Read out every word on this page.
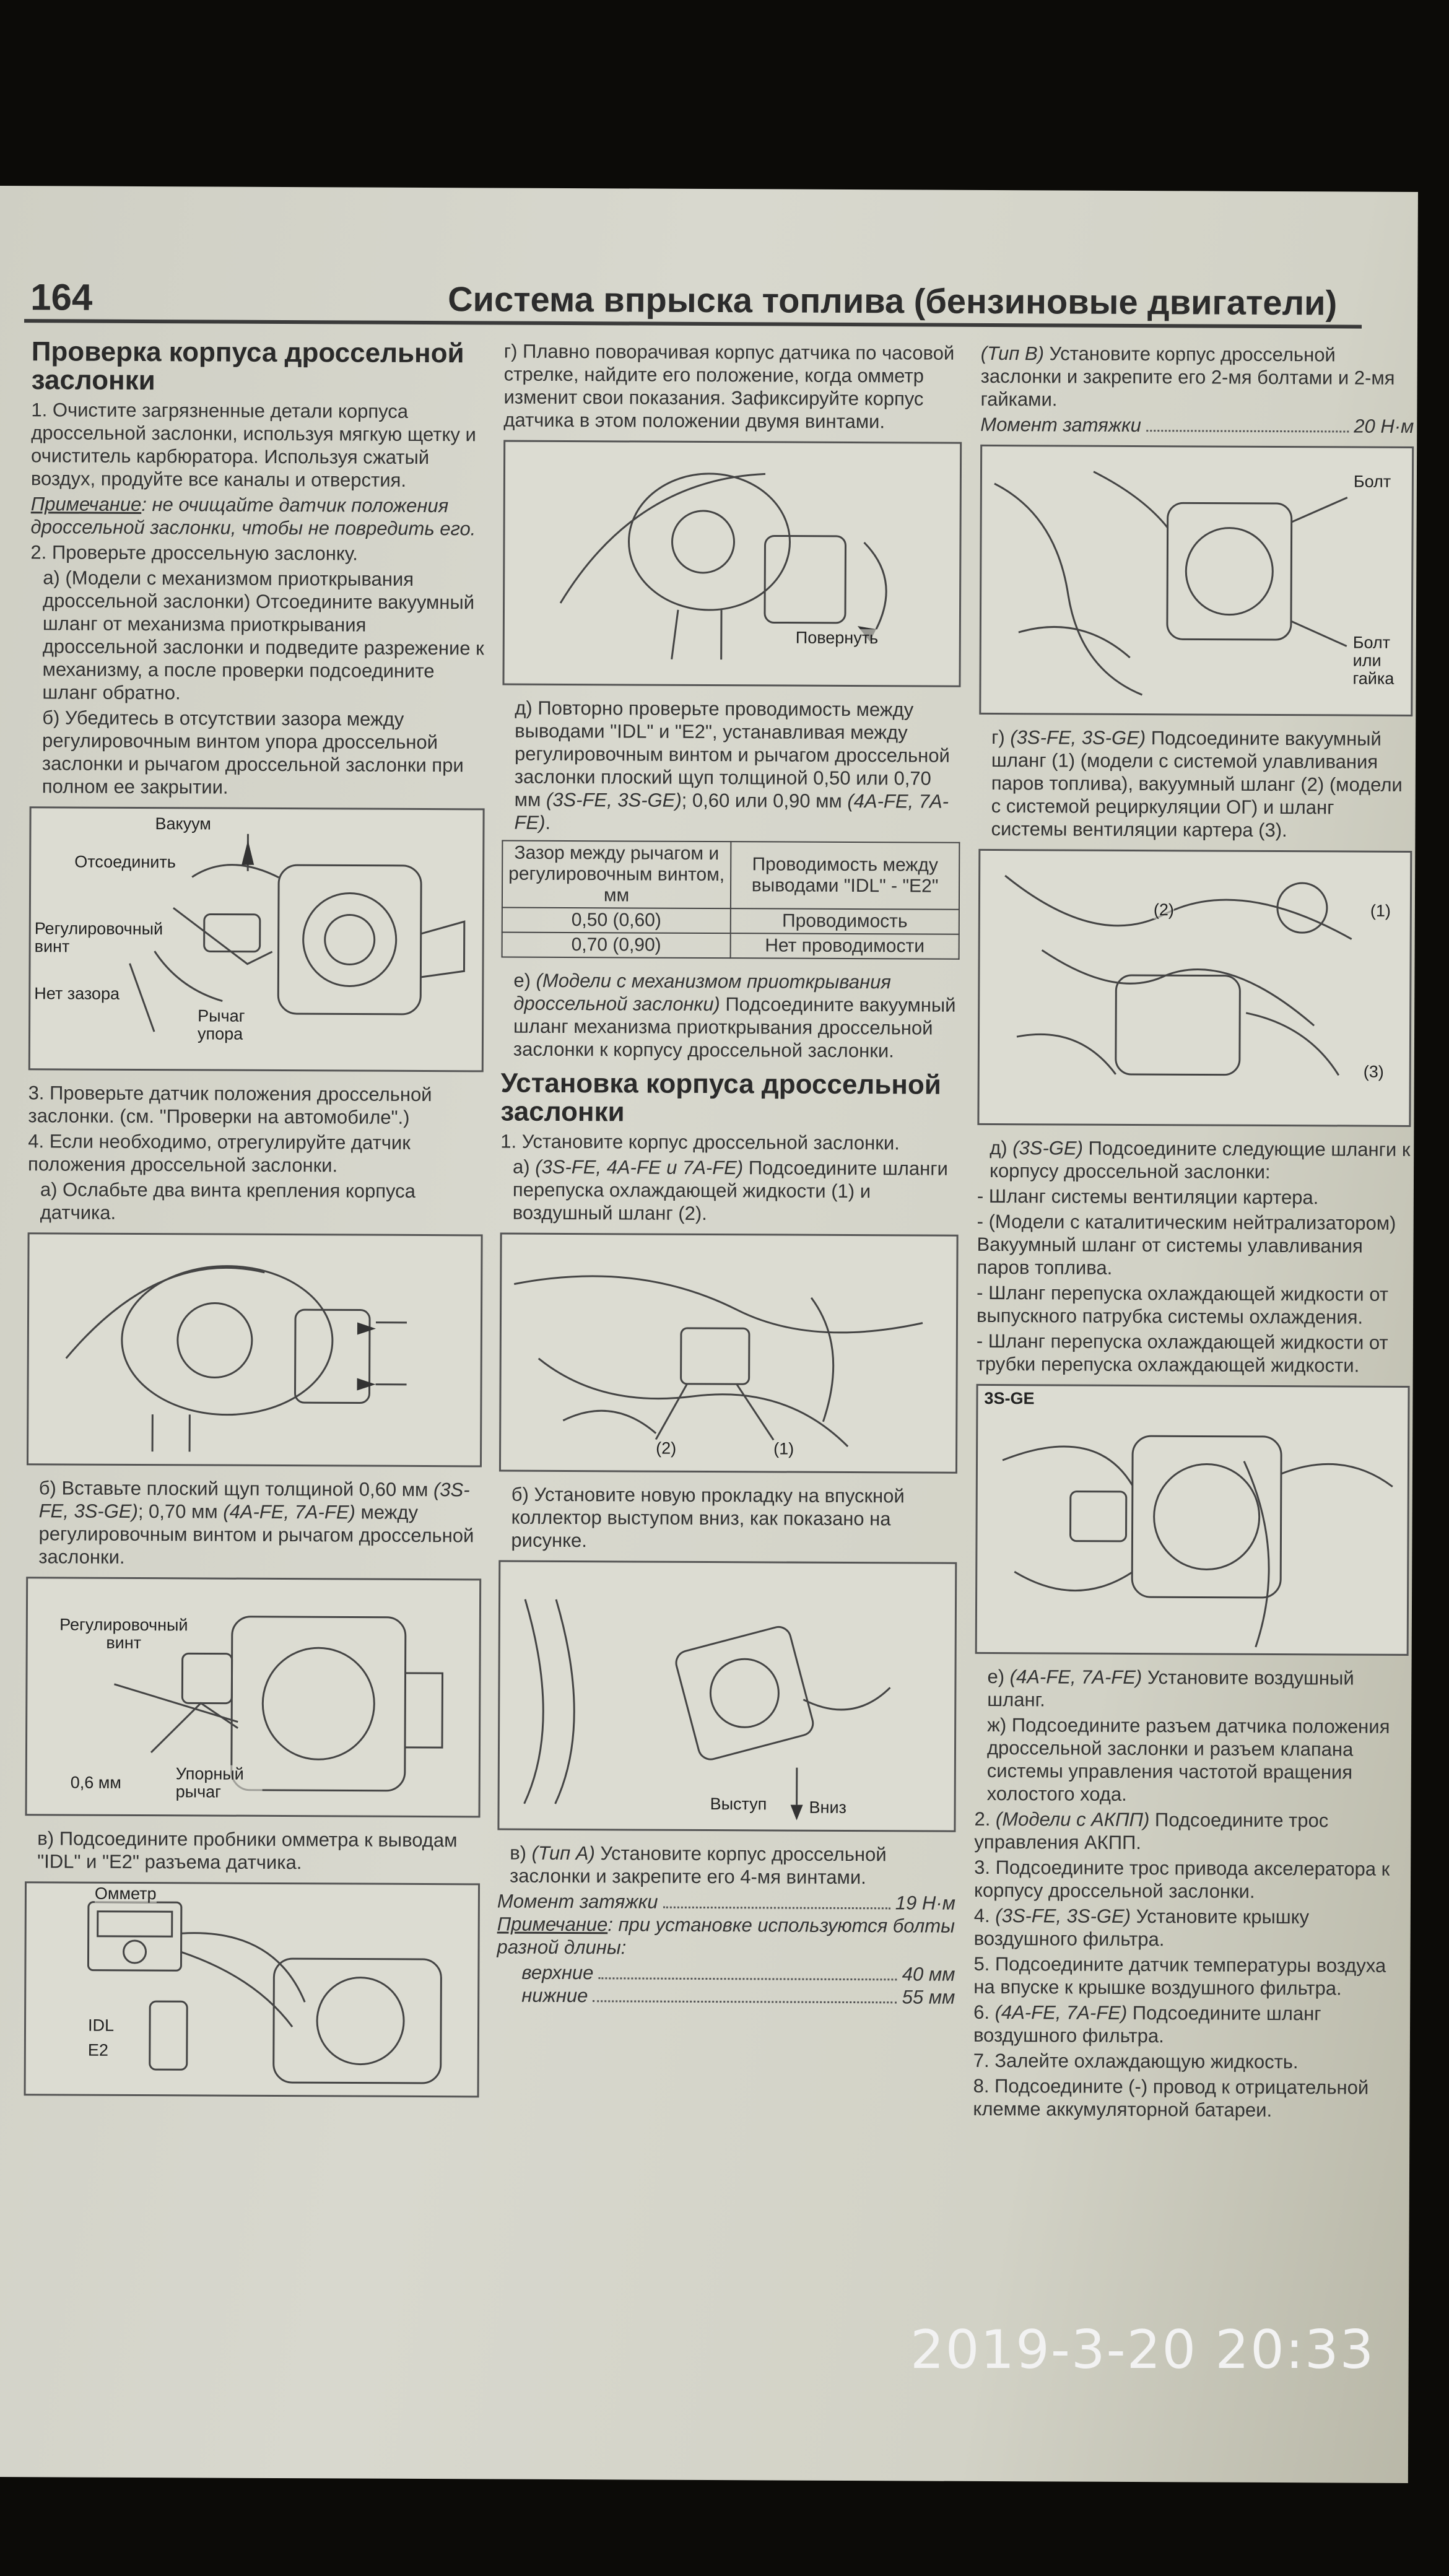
164	Система впрыска топлива (бензиновые двигатели)
Проверка корпуса дроссельной заслонки

1. Очистите загрязненные детали корпуса дроссельной заслонки, используя мягкую щетку и очиститель карбюратора. Используя сжатый воздух, продуйте все каналы и отверстия.

Примечание: не очищайте датчик положения дроссельной заслонки, чтобы не повредить его.

2. Проверьте дроссельную заслонку.

а) (Модели с механизмом приоткрывания дроссельной заслонки) Отсоедините вакуумный шланг от механизма приоткрывания дроссельной заслонки и подведите разрежение к механизму, а после проверки подсоедините шланг обратно.

б) Убедитесь в отсутствии зазора между регулировочным винтом упора дроссельной заслонки и рычагом дроссельной заслонки при полном ее закрытии.

Вакуум
Отсоединить
Регулировочный винт
Нет зазора
Рычаг упора

3. Проверьте датчик положения дроссельной заслонки. (см. "Проверки на автомобиле".)

4. Если необходимо, отрегулируйте датчик положения дроссельной заслонки.

а) Ослабьте два винта крепления корпуса датчика.

б) Вставьте плоский щуп толщиной 0,60 мм (3S-FE, 3S-GE); 0,70 мм (4A-FE, 7A-FE) между регулировочным винтом и рычагом дроссельной заслонки.

Регулировочный винт
0,6 мм	Упорный рычаг

в) Подсоедините пробники омметра к выводам "IDL" и "E2" разъема датчика.

Омметр
IDL
E2

г) Плавно поворачивая корпус датчика по часовой стрелке, найдите его положение, когда омметр изменит свои показания. Зафиксируйте корпус датчика в этом положении двумя винтами.

Повернуть

д) Повторно проверьте проводимость между выводами "IDL" и "E2", устанавливая между регулировочным винтом и рычагом дроссельной заслонки плоский щуп толщиной 0,50 или 0,70 мм (3S-FE, 3S-GE); 0,60 или 0,90 мм (4A-FE, 7A-FE).

Зазор между рычагом и регулировочным винтом, мм	Проводимость между выводами "IDL" - "E2"
0,50 (0,60)	Проводимость
0,70 (0,90)	Нет проводимости

е) (Модели с механизмом приоткрывания дроссельной заслонки) Подсоедините вакуумный шланг механизма приоткрывания дроссельной заслонки к корпусу дроссельной заслонки.

Установка корпуса дроссельной заслонки

1. Установите корпус дроссельной заслонки.

а) (3S-FE, 4A-FE и 7A-FE) Подсоедините шланги перепуска охлаждающей жидкости (1) и воздушный шланг (2).

(2)	(1)

б) Установите новую прокладку на впускной коллектор выступом вниз, как показано на рисунке.

Выступ	Вниз

в) (Тип А) Установите корпус дроссельной заслонки и закрепите его 4-мя винтами.

Момент затяжки	19 Н·м

Примечание: при установке используются болты разной длины:

верхние	40 мм
нижние	55 мм

(Тип В) Установите корпус дроссельной заслонки и закрепите его 2-мя болтами и 2-мя гайками.

Момент затяжки	20 Н·м
Болт
Болт или гайка

г) (3S-FE, 3S-GE) Подсоедините вакуумный шланг (1) (модели с системой улавливания паров топлива), вакуумный шланг (2) (модели с системой рециркуляции ОГ) и шланг системы вентиляции картера (3).

(2)	(1)
(3)

д) (3S-GE) Подсоедините следующие шланги к корпусу дроссельной заслонки:

- Шланг системы вентиляции картера.

- (Модели с каталитическим нейтрализатором) Вакуумный шланг от системы улавливания паров топлива.

- Шланг перепуска охлаждающей жидкости от выпускного патрубка системы охлаждения.

- Шланг перепуска охлаждающей жидкости от трубки перепуска охлаждающей жидкости.

3S-GE

е) (4A-FE, 7A-FE) Установите воздушный шланг.

ж) Подсоедините разъем датчика положения дроссельной заслонки и разъем клапана системы управления частотой вращения холостого хода.

2. (Модели с АКПП) Подсоедините трос управления АКПП.

3. Подсоедините трос привода акселератора к корпусу дроссельной заслонки.

4. (3S-FE, 3S-GE) Установите крышку воздушного фильтра.

5. Подсоедините датчик температуры воздуха на впуске к крышке воздушного фильтра.

6. (4A-FE, 7A-FE) Подсоедините шланг воздушного фильтра.

7. Залейте охлаждающую жидкость.

8. Подсоедините (-) провод к отрицательной клемме аккумуляторной батареи.

2019-3-20 20:33
